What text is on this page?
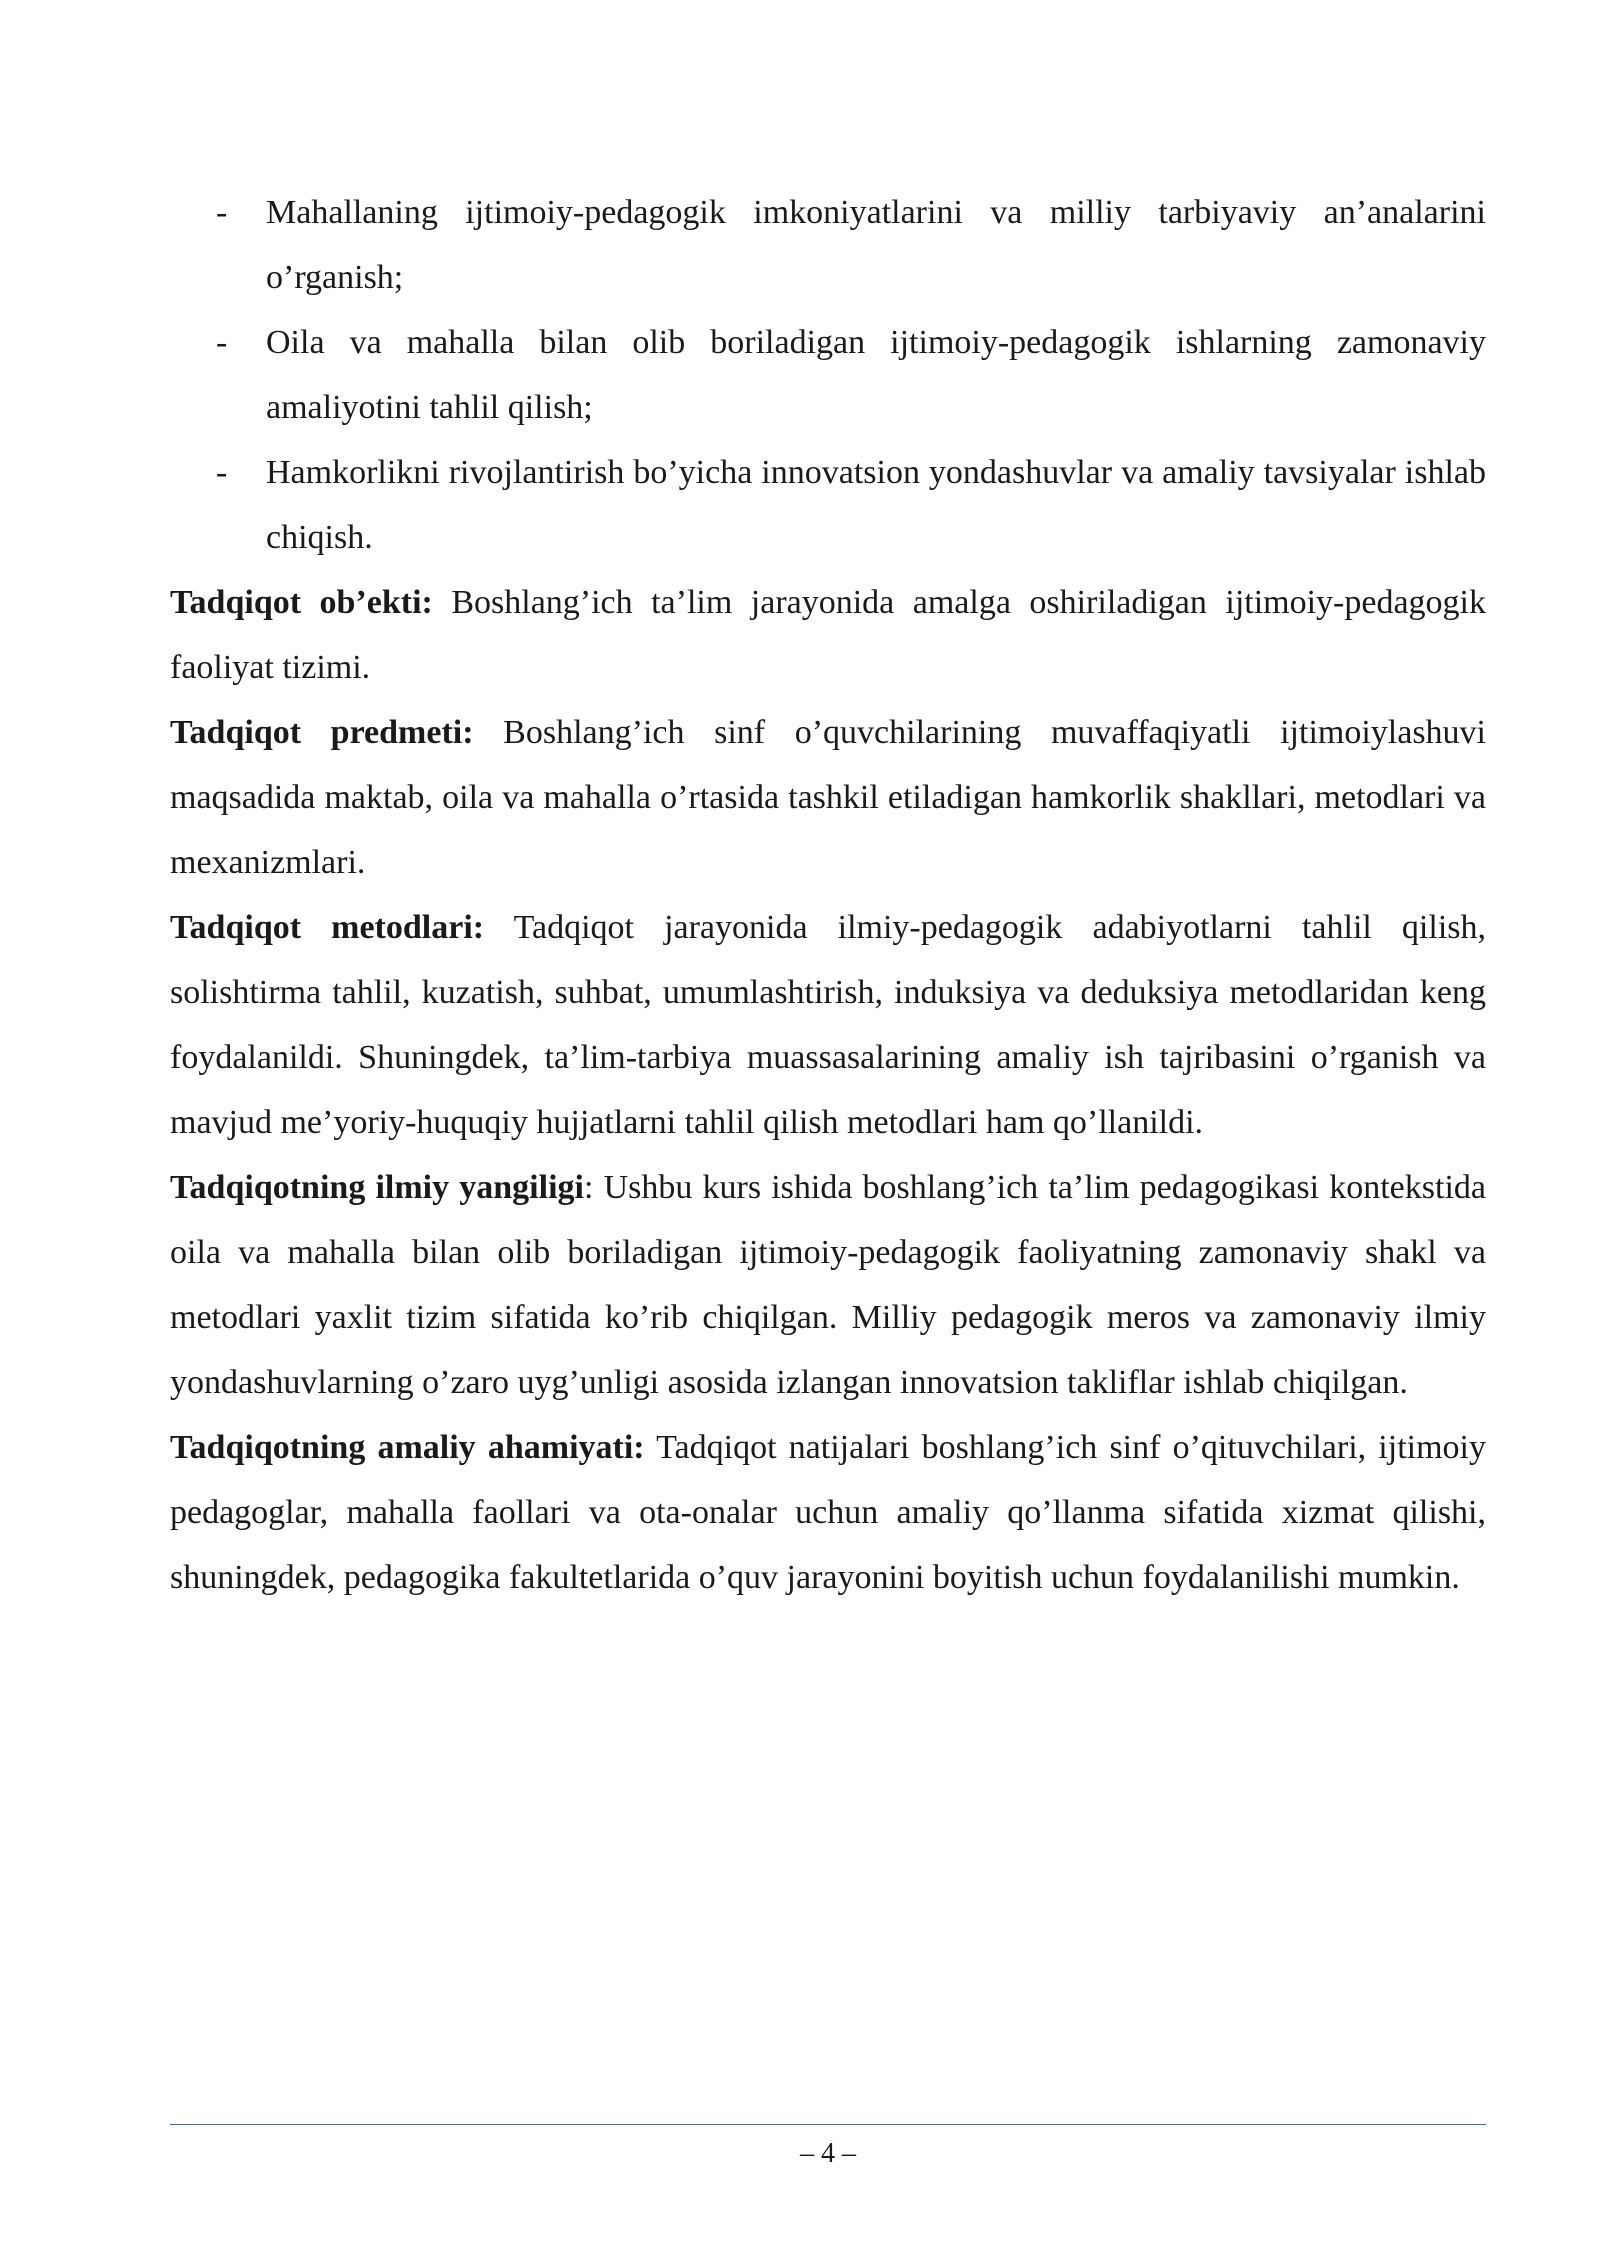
- Mahallaning ijtimoiy-pedagogik imkoniyatlarini va milliy tarbiyaviy an’analarini o’rganish;
- Oila va mahalla bilan olib boriladigan ijtimoiy-pedagogik ishlarning zamonaviy amaliyotini tahlil qilish;
- Hamkorlikni rivojlantirish bo’yicha innovatsion yondashuvlar va amaliy tavsiyalar ishlab chiqish.

Tadqiqot ob’ekti: Boshlang’ich ta’lim jarayonida amalga oshiriladigan ijtimoiy-pedagogik faoliyat tizimi.

Tadqiqot predmeti: Boshlang’ich sinf o’quvchilarining muvaffaqiyatli ijtimoiylashuvi maqsadida maktab, oila va mahalla o’rtasida tashkil etiladigan hamkorlik shakllari, metodlari va mexanizmlari.

Tadqiqot metodlari: Tadqiqot jarayonida ilmiy-pedagogik adabiyotlarni tahlil qilish, solishtirma tahlil, kuzatish, suhbat, umumlashtirish, induksiya va deduksiya metodlaridan keng foydalanildi. Shuningdek, ta’lim-tarbiya muassasalarining amaliy ish tajribasini o’rganish va mavjud me’yoriy-huquqiy hujjatlarni tahlil qilish metodlari ham qo’llanildi.

Tadqiqotning ilmiy yangiligi: Ushbu kurs ishida boshlang’ich ta’lim pedagogikasi kontekstida oila va mahalla bilan olib boriladigan ijtimoiy-pedagogik faoliyatning zamonaviy shakl va metodlari yaxlit tizim sifatida ko’rib chiqilgan. Milliy pedagogik meros va zamonaviy ilmiy yondashuvlarning o’zaro uyg’unligi asosida izlangan innovatsion takliflar ishlab chiqilgan.

Tadqiqotning amaliy ahamiyati: Tadqiqot natijalari boshlang’ich sinf o’qituvchilari, ijtimoiy pedagoglar, mahalla faollari va ota-onalar uchun amaliy qo’llanma sifatida xizmat qilishi, shuningdek, pedagogika fakultetlarida o’quv jarayonini boyitish uchun foydalanilishi mumkin.

– 4 –
